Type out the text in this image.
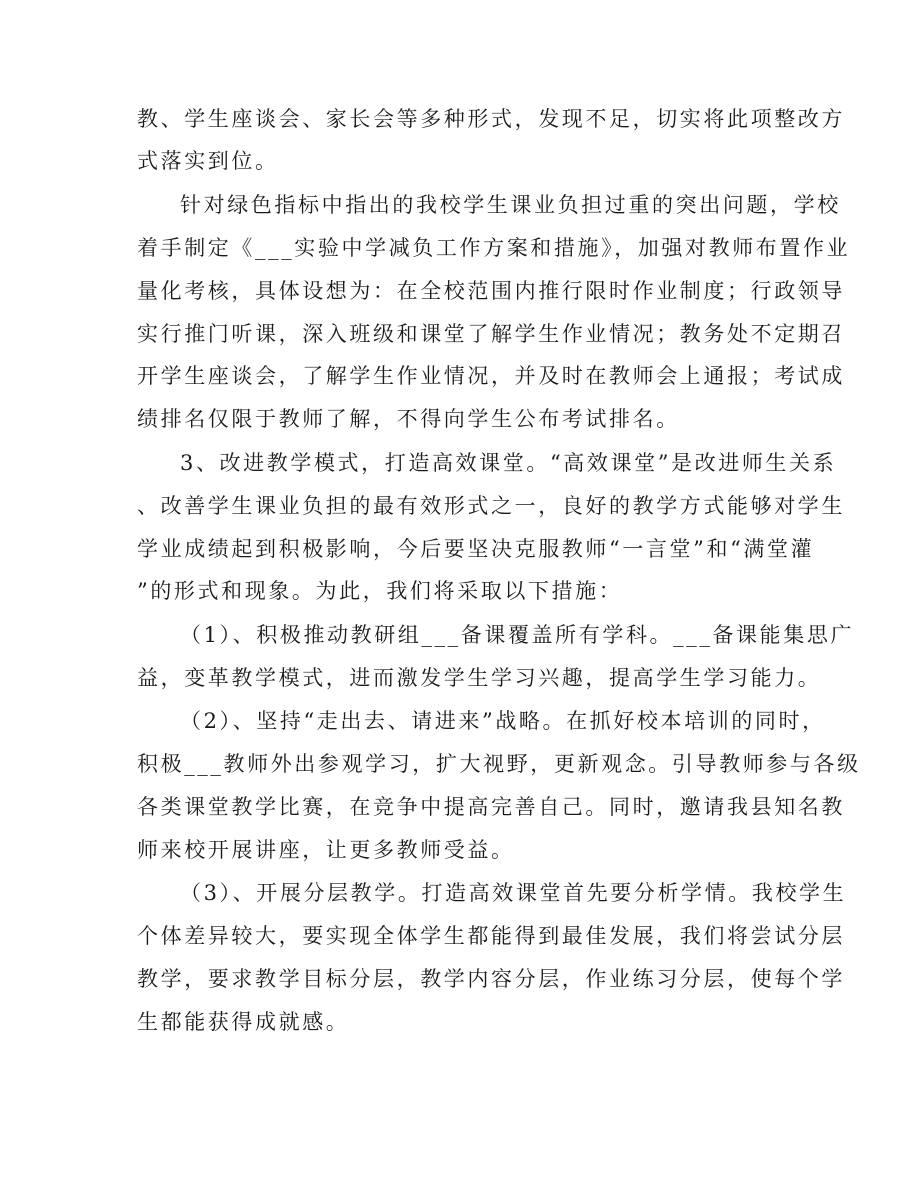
教、学生座谈会、家长会等多种形式，发现不足，切实将此项整改方
式落实到位。
针对绿色指标中指出的我校学生课业负担过重的突出问题，学校
着手制定《___实验中学减负工作方案和措施》，加强对教师布置作业
量化考核，具体设想为：在全校范围内推行限时作业制度；行政领导
实行推门听课，深入班级和课堂了解学生作业情况；教务处不定期召
开学生座谈会，了解学生作业情况，并及时在教师会上通报；考试成
绩排名仅限于教师了解，不得向学生公布考试排名。
3、改进教学模式，打造高效课堂。“高效课堂”是改进师生关系
、改善学生课业负担的最有效形式之一，良好的教学方式能够对学生
学业成绩起到积极影响，今后要坚决克服教师“一言堂”和“满堂灌
”的形式和现象。为此，我们将采取以下措施：
（1）、积极推动教研组___备课覆盖所有学科。___备课能集思广
益，变革教学模式，进而激发学生学习兴趣，提高学生学习能力。
（2）、坚持“走出去、请进来”战略。在抓好校本培训的同时，
积极___教师外出参观学习，扩大视野，更新观念。引导教师参与各级
各类课堂教学比赛，在竞争中提高完善自己。同时，邀请我县知名教
师来校开展讲座，让更多教师受益。
（3）、开展分层教学。打造高效课堂首先要分析学情。我校学生
个体差异较大，要实现全体学生都能得到最佳发展，我们将尝试分层
教学，要求教学目标分层，教学内容分层，作业练习分层，使每个学
生都能获得成就感。
